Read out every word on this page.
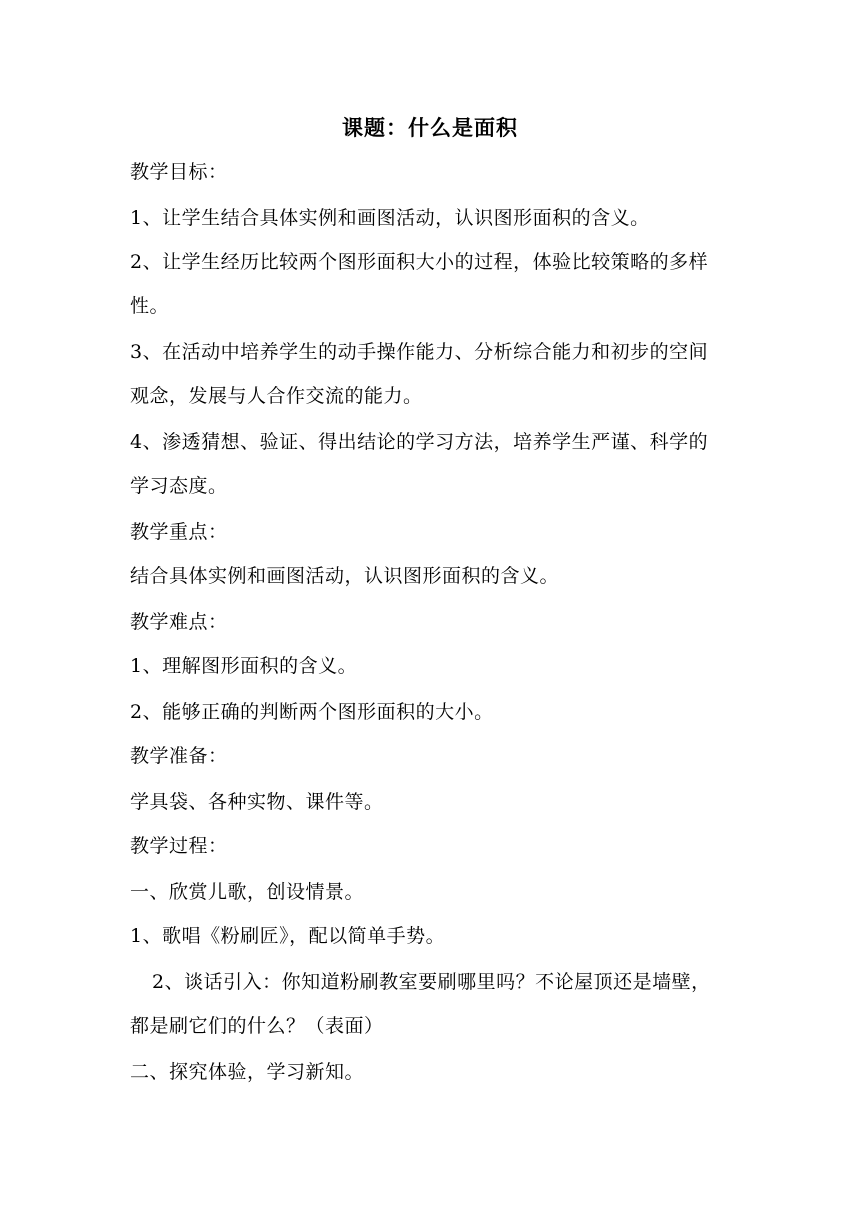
课题：什么是面积
教学目标：
1、让学生结合具体实例和画图活动，认识图形面积的含义。
2、让学生经历比较两个图形面积大小的过程，体验比较策略的多样
性。
3、在活动中培养学生的动手操作能力、分析综合能力和初步的空间
观念，发展与人合作交流的能力。
4、渗透猜想、验证、得出结论的学习方法，培养学生严谨、科学的
学习态度。
教学重点：
结合具体实例和画图活动，认识图形面积的含义。
教学难点：
1、理解图形面积的含义。
2、能够正确的判断两个图形面积的大小。
教学准备：
学具袋、各种实物、课件等。
教学过程：
一、欣赏儿歌，创设情景。
1、歌唱《粉刷匠》，配以简单手势。
2、谈话引入：你知道粉刷教室要刷哪里吗？不论屋顶还是墙壁，
都是刷它们的什么？（表面）
二、探究体验，学习新知。
